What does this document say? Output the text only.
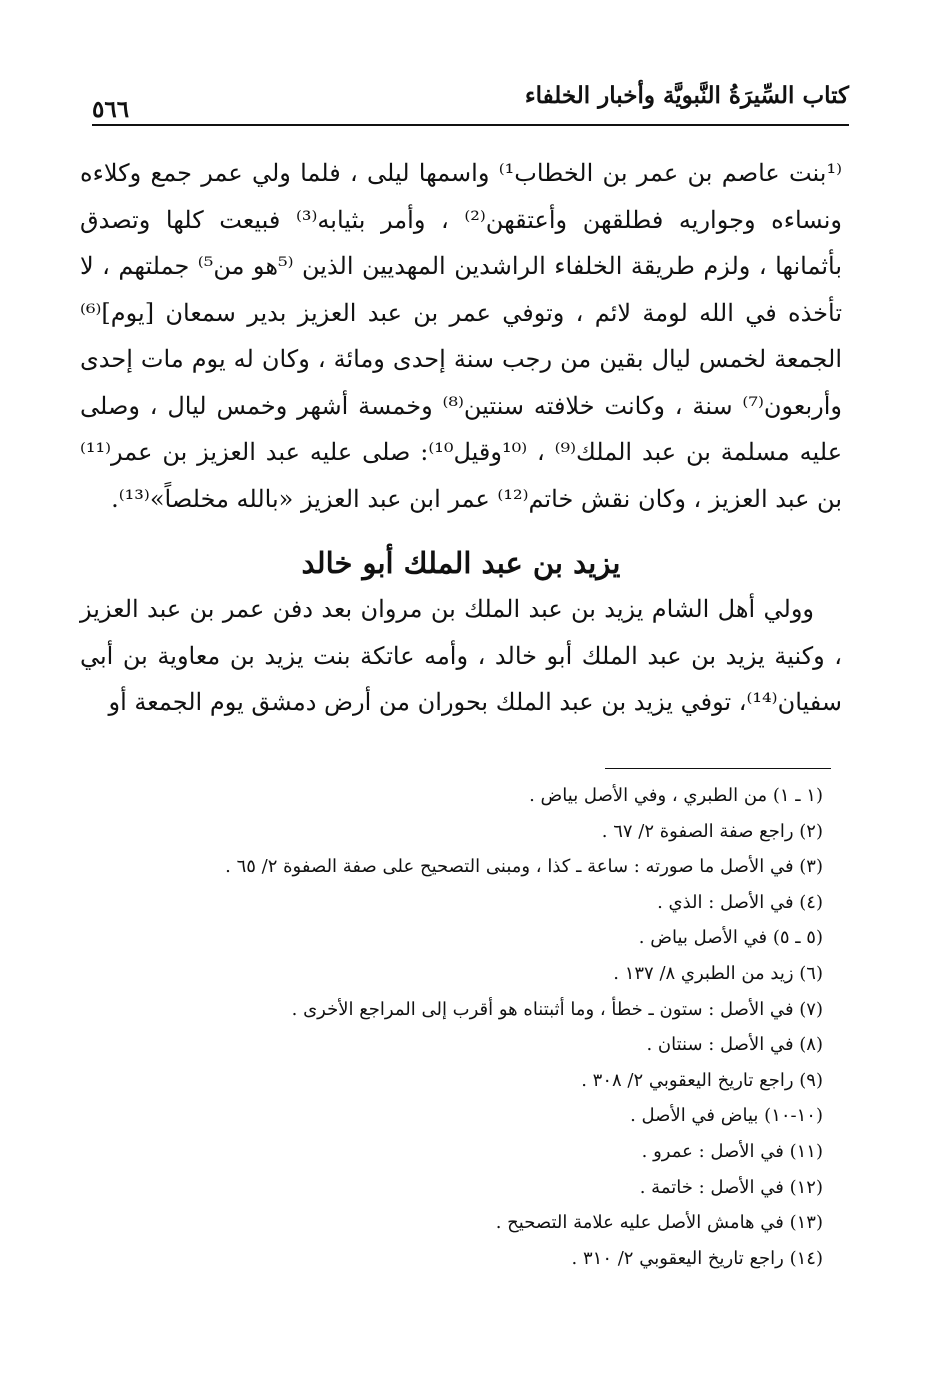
كتاب السِّيرَةُ النَّبويَّة وأخبار الخلفاء
٥٦٦

⁽¹بنت عاصم بن عمر بن الخطاب¹⁾ واسمها ليلى ، فلما ولي عمر جمع وكلاءه ونساءه وجواريه فطلقهن وأعتقهن⁽²⁾ ، وأمر بثيابه⁽³⁾ فبيعت كلها وتصدق بأثمانها ، ولزم طريقة الخلفاء الراشدين المهديين الذين ⁽⁵هو من⁵⁾ جملتهم ، لا تأخذه في الله لومة لائم ، وتوفي عمر بن عبد العزيز بدير سمعان [يوم]⁽⁶⁾ الجمعة لخمس ليال بقين من رجب سنة إحدى ومائة ، وكان له يوم مات إحدى وأربعون⁽⁷⁾ سنة ، وكانت خلافته سنتين⁽⁸⁾ وخمسة أشهر وخمس ليال ، وصلى عليه مسلمة بن عبد الملك⁽⁹⁾ ، ⁽¹⁰وقيل¹⁰⁾: صلى عليه عبد العزيز بن عمر⁽¹¹⁾ بن عبد العزيز ، وكان نقش خاتم⁽¹²⁾ عمر ابن عبد العزيز «بالله مخلصاً»⁽¹³⁾.

يزيد بن عبد الملك أبو خالد

وولي أهل الشام يزيد بن عبد الملك بن مروان بعد دفن عمر بن عبد العزيز ، وكنية يزيد بن عبد الملك أبو خالد ، وأمه عاتكة بنت يزيد بن معاوية بن أبي سفيان⁽¹⁴⁾، توفي يزيد بن عبد الملك بحوران من أرض دمشق يوم الجمعة أو

(١ ـ ١) من الطبري ، وفي الأصل بياض .
(٢) راجع صفة الصفوة ٢/ ٦٧ .
(٣) في الأصل ما صورته : ساعة ـ كذا ، ومبنى التصحيح على صفة الصفوة ٢/ ٦٥ .
(٤) في الأصل : الذي .
(٥ ـ ٥) في الأصل بياض .
(٦) زيد من الطبري ٨/ ١٣٧ .
(٧) في الأصل : ستون ـ خطأ ، وما أثبتناه هو أقرب إلى المراجع الأخرى .
(٨) في الأصل : سنتان .
(٩) راجع تاريخ اليعقوبي ٢/ ٣٠٨ .
(١٠-١٠) بياض في الأصل .
(١١) في الأصل : عمرو .
(١٢) في الأصل : خاتمة .
(١٣) في هامش الأصل عليه علامة التصحيح .
(١٤) راجع تاريخ اليعقوبي ٢/ ٣١٠ .
